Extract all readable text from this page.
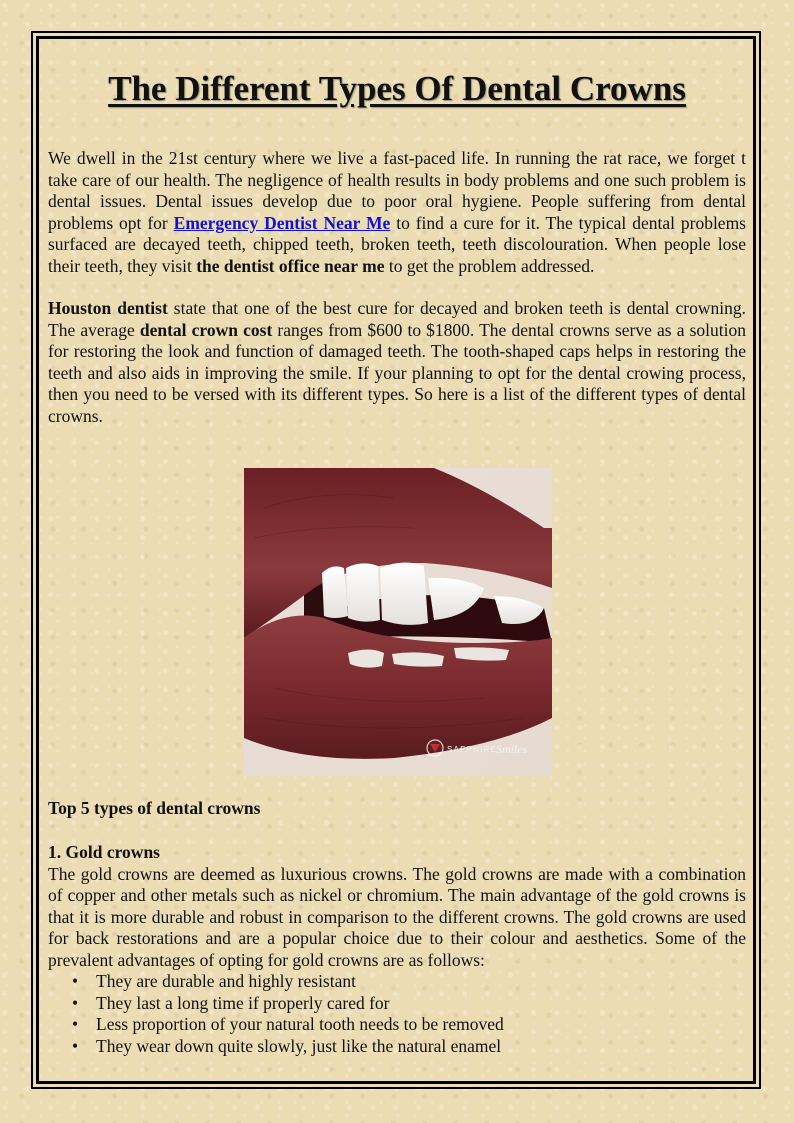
The Different Types Of Dental Crowns

We dwell in the 21st century where we live a fast-paced life. In running the rat race, we forget t take care of our health. The negligence of health results in body problems and one such problem is dental issues. Dental issues develop due to poor oral hygiene. People suffering from dental problems opt for Emergency Dentist Near Me to find a cure for it. The typical dental problems surfaced are decayed teeth, chipped teeth, broken teeth, teeth discolouration. When people lose their teeth, they visit the dentist office near me to get the problem addressed.

Houston dentist state that one of the best cure for decayed and broken teeth is dental crowning. The average dental crown cost ranges from $600 to $1800. The dental crowns serve as a solution for restoring the look and function of damaged teeth. The tooth-shaped caps helps in restoring the teeth and also aids in improving the smile. If your planning to opt for the dental crowing process, then you need to be versed with its different types. So here is a list of the different types of dental crowns.

SAPPHIRE
Smiles
Top 5 types of dental crowns
1. Gold crowns

The gold crowns are deemed as luxurious crowns. The gold crowns are made with a combination of copper and other metals such as nickel or chromium. The main advantage of the gold crowns is that it is more durable and robust in comparison to the different crowns. The gold crowns are used for back restorations and are a popular choice due to their colour and aesthetics. Some of the prevalent advantages of opting for gold crowns are as follows:

• They are durable and highly resistant
• They last a long time if properly cared for
• Less proportion of your natural tooth needs to be removed
• They wear down quite slowly, just like the natural enamel
